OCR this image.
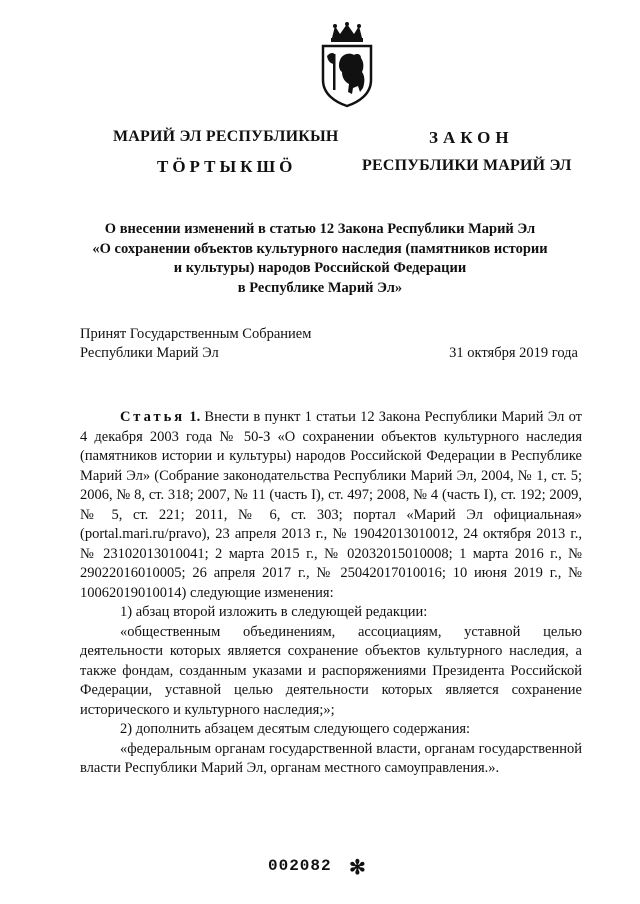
МАРИЙ ЭЛ РЕСПУБЛИКЫН
ТӦРТЫКШӦ
ЗАКОН
РЕСПУБЛИКИ МАРИЙ ЭЛ
О внесении изменений в статью 12 Закона Республики Марий Эл
«О сохранении объектов культурного наследия (памятников истории
и культуры) народов Российской Федерации
в Республике Марий Эл»
Принят Государственным Собранием
Республики Марий Эл	31 октября 2019 года

Статья 1. Внести в пункт 1 статьи 12 Закона Республики Марий Эл от 4 декабря 2003 года № 50-З «О сохранении объектов культурного наследия (памятников истории и культуры) народов Российской Федерации в Республике Марий Эл» (Собрание законодательства Республики Марий Эл, 2004, № 1, ст. 5; 2006, № 8, ст. 318; 2007, № 11 (часть I), ст. 497; 2008, № 4 (часть I), ст. 192; 2009, № 5, ст. 221; 2011, № 6, ст. 303; портал «Марий Эл официальная» (portal.mari.ru/pravo), 23 апреля 2013 г., № 19042013010012, 24 октября 2013 г., № 23102013010041; 2 марта 2015 г., № 02032015010008; 1 марта 2016 г., № 29022016010005; 26 апреля 2017 г., № 25042017010016; 10 июня 2019 г., № 10062019010014) следующие изменения:

1) абзац второй изложить в следующей редакции:

«общественным объединениям, ассоциациям, уставной целью деятельности которых является сохранение объектов культурного наследия, а также фондам, созданным указами и распоряжениями Президента Российской Федерации, уставной целью деятельности которых является сохранение исторического и культурного наследия;»;

2) дополнить абзацем десятым следующего содержания:

«федеральным органам государственной власти, органам государственной власти Республики Марий Эл, органам местного самоуправления.».

002082 ✻
